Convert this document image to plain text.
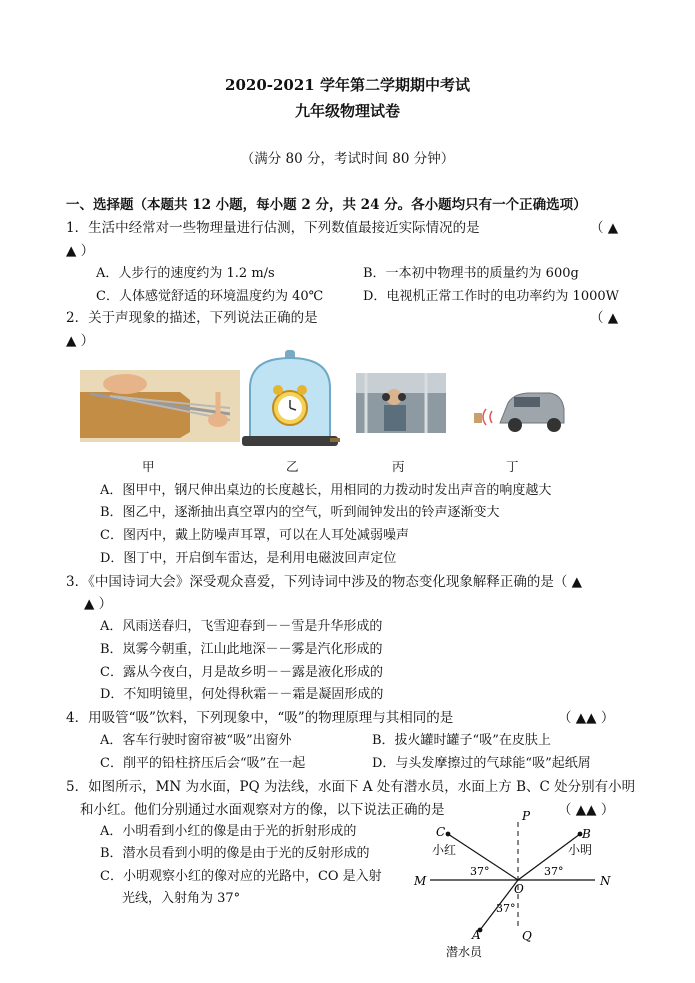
2020-2021 学年第二学期期中考试
九年级物理试卷
（满分 80 分，考试时间 80 分钟）
一、选择题（本题共 12 小题，每小题 2 分，共 24 分。各小题均只有一个正确选项）
1．生活中经常对一些物理量进行估测，下列数值最接近实际情况的是	（ ▲
▲ ）
A．人步行的速度约为 1.2 m/s	B．一本初中物理书的质量约为 600g
C．人体感觉舒适的环境温度约为 40℃	D．电视机正常工作时的电功率约为 1000W
2．关于声现象的描述，下列说法正确的是	（ ▲
▲ ）
甲	乙	丙	丁
A．图甲中，钢尺伸出桌边的长度越长，用相同的力拨动时发出声音的响度越大
B．图乙中，逐渐抽出真空罩内的空气，听到闹钟发出的铃声逐渐变大
C．图丙中，戴上防噪声耳罩，可以在人耳处减弱噪声
D．图丁中，开启倒车雷达，是利用电磁波回声定位
3．《中国诗词大会》深受观众喜爱，下列诗词中涉及的物态变化现象解释正确的是（ ▲
▲ ）
A．风雨送春归，飞雪迎春到－－雪是升华形成的
B．岚雾今朝重，江山此地深－－雾是汽化形成的
C．露从今夜白，月是故乡明－－露是液化形成的
D．不知明镜里，何处得秋霜－－霜是凝固形成的
4．用吸管“吸”饮料，下列现象中，“吸”的物理原理与其相同的是	（ ▲▲ ）
A．客车行驶时窗帘被“吸”出窗外	B．拔火罐时罐子“吸”在皮肤上
C．削平的铅柱挤压后会“吸”在一起	D．与头发摩擦过的气球能“吸”起纸屑
5．如图所示，MN 为水面，PQ 为法线，水面下 A 处有潜水员，水面上方 B、C 处分别有小明
和小红。他们分别通过水面观察对方的像，以下说法正确的是	（ ▲▲ ）
A．小明看到小红的像是由于光的折射形成的
B．潜水员看到小明的像是由于光的反射形成的
C．小明观察小红的像对应的光路中，CO 是入射
光线，入射角为 37°
M	N
P
Q
O
C	B
A
小红	小明
潜水员
37°	37°
37°
